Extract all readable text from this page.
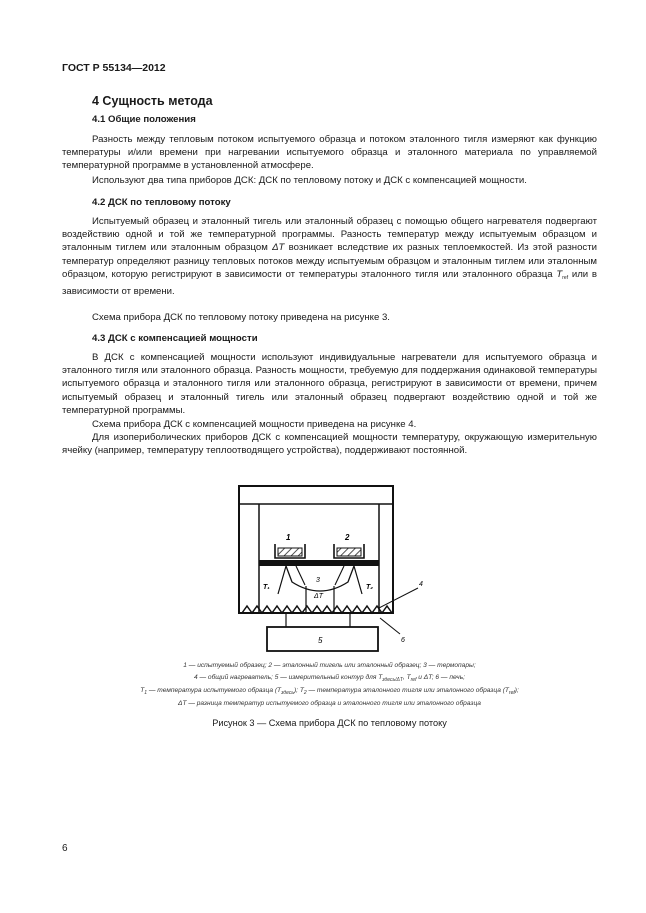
ГОСТ Р 55134—2012
4 Сущность метода
4.1 Общие положения
Разность между тепловым потоком испытуемого образца и потоком эталонного тигля измеряют как функцию температуры и/или времени при нагревании испытуемого образца и эталонного материала по управляемой температурной программе в установленной атмосфере.
Используют два типа приборов ДСК: ДСК по тепловому потоку и ДСК с компенсацией мощности.
4.2 ДСК по тепловому потоку
Испытуемый образец и эталонный тигель или эталонный образец с помощью общего нагревателя подвергают воздействию одной и той же температурной программы. Разность температур между испытуемым образцом и эталонным тиглем или эталонным образцом ΔT возникает вследствие их разных теплоемкостей. Из этой разности температур определяют разницу тепловых потоков между испытуемым образцом и эталонным тиглем или эталонным образцом, которую регистрируют в зависимости от температуры эталонного тигля или эталонного образца $T_{ref}$ или в зависимости от времени.
Схема прибора ДСК по тепловому потоку приведена на рисунке 3.
4.3 ДСК с компенсацией мощности
В ДСК с компенсацией мощности используют индивидуальные нагреватели для испытуемого образца и эталонного тигля или эталонного образца. Разность мощности, требуемую для поддержания одинаковой температуры испытуемого образца и эталонного тигля или эталонного образца, регистрируют в зависимости от времени, причем испытуемый образец и эталонный тигель или эталонный образец подвергают воздействию одной и той же температурной программы.
Схема прибора ДСК с компенсацией мощности приведена на рисунке 4.
Для изопериболических приборов ДСК с компенсацией мощности температуру, окружающую измерительную ячейку (например, температуру теплоотводящего устройства), поддерживают постоянной.
1	2
3
T₁	T₂
ΔT
4
5	6
1 — испытуемый образец; 2 — эталонный тигель или эталонный образец; 3 — термопары;
4 — общий нагреватель; 5 — измерительный контур для $T_{здесь/\Delta T}$, $T_{ref}$ и ΔT; 6 — печь;
$T_1$ — температура испытуемого образца $(T_{здесь})$; $T_2$ — температура эталонного тигля или эталонного образца $(T_{ref})$;
ΔT — разница температур испытуемого образца и эталонного тигля или эталонного образца
Рисунок 3 — Схема прибора ДСК по тепловому потоку
6
